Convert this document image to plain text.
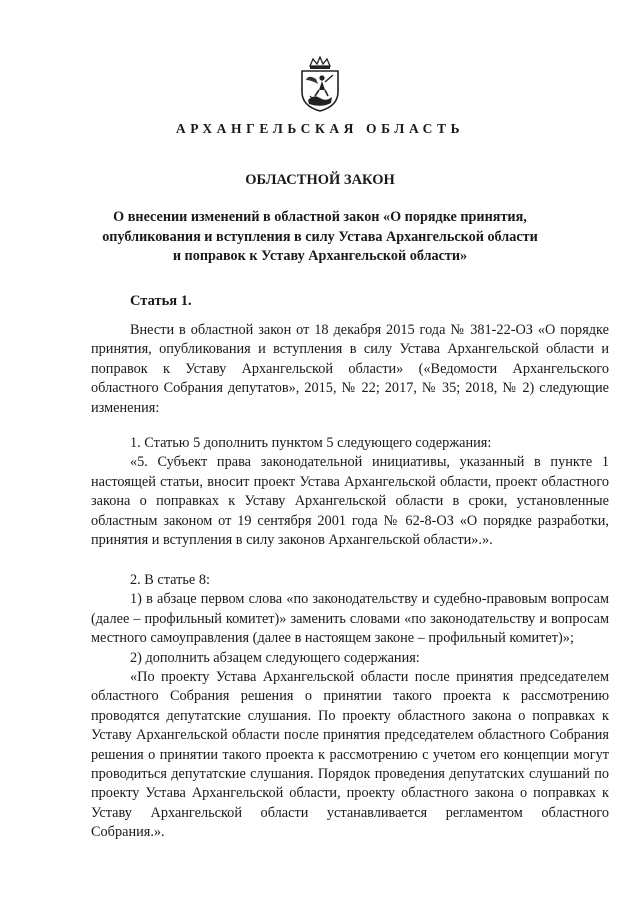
АРХАНГЕЛЬСКАЯ ОБЛАСТЬ
ОБЛАСТНОЙ ЗАКОН
О внесении изменений в областной закон «О порядке принятия,
опубликования и вступления в силу Устава Архангельской области
и поправок к Уставу Архангельской области»
Статья 1.

Внести в областной закон от 18 декабря 2015 года № 381-22-ОЗ «О порядке принятия, опубликования и вступления в силу Устава Архангельской области и поправок к Уставу Архангельской области» («Ведомости Архангельского областного Собрания депутатов», 2015, № 22; 2017, № 35; 2018, № 2) следующие изменения:

1. Статью 5 дополнить пунктом 5 следующего содержания:

«5. Субъект права законодательной инициативы, указанный в пункте 1 настоящей статьи, вносит проект Устава Архангельской области, проект областного закона о поправках к Уставу Архангельской области в сроки, установленные областным законом от 19 сентября 2001 года № 62-8-ОЗ «О порядке разработки, принятия и вступления в силу законов Архангельской области».».

2. В статье 8:

1) в абзаце первом слова «по законодательству и судебно-правовым вопросам (далее – профильный комитет)» заменить словами «по законодательству и вопросам местного самоуправления (далее в настоящем законе – профильный комитет)»;

2) дополнить абзацем следующего содержания:

«По проекту Устава Архангельской области после принятия председателем областного Собрания решения о принятии такого проекта к рассмотрению проводятся депутатские слушания. По проекту областного закона о поправках к Уставу Архангельской области после принятия председателем областного Собрания решения о принятии такого проекта к рассмотрению с учетом его концепции могут проводиться депутатские слушания. Порядок проведения депутатских слушаний по проекту Устава Архангельской области, проекту областного закона о поправках к Уставу Архангельской области устанавливается регламентом областного Собрания.».
